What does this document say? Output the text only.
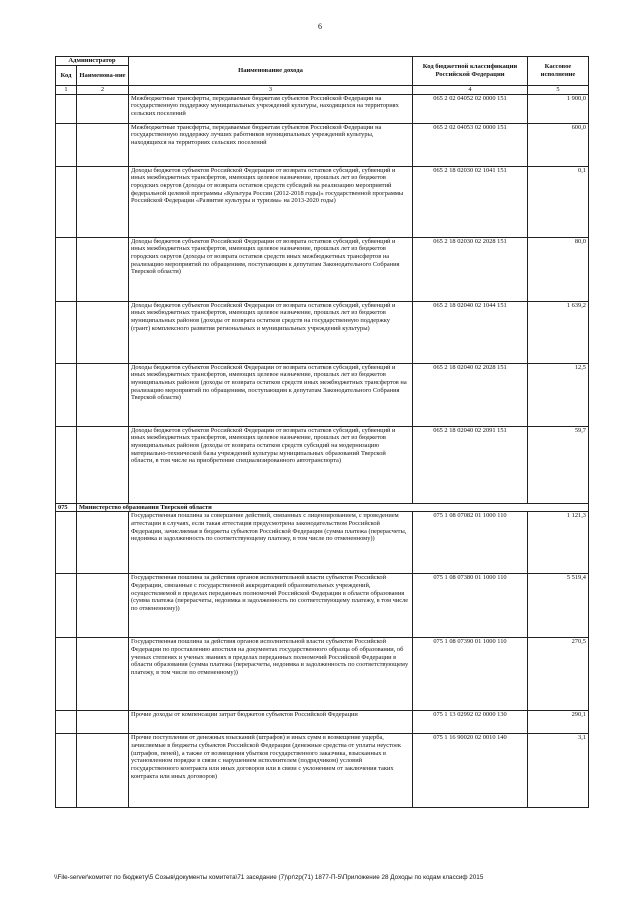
6
Администратор		Наименование дохода	Код бюджетной классификации Российской Федерации	Кассовое исполнение
Код	Наименова-ние			
1	2	3	4	5
		Межбюджетные трансферты, передаваемые бюджетам субъектов Российской Федерации на государственную поддержку муниципальных учреждений культуры, находящихся на территориях сельских поселений	065 2 02 04052 02 0000 151	1 900,0
		Межбюджетные трансферты, передаваемые бюджетам субъектов Российской Федерации на государственную поддержку лучших работников муниципальных учреждений культуры, находящихся на территориях сельских поселений	065 2 02 04053 02 0000 151	600,0
		Доходы бюджетов субъектов Российской Федерации от возврата остатков субсидий, субвенций и иных межбюджетных трансфертов, имеющих целевое назначение, прошлых лет из бюджетов городских округов (доходы от возврата остатков средств субсидий на реализацию мероприятий федеральной целевой программы «Культура России (2012-2018 годы)» государственной программы Российской Федерации «Развитие культуры и туризма» на 2013-2020 годы)	065 2 18 02030 02 1041 151	0,1
		Доходы бюджетов субъектов Российской Федерации от возврата остатков субсидий, субвенций и иных межбюджетных трансфертов, имеющих целевое назначение, прошлых лет из бюджетов городских округов (доходы от возврата остатков средств иных межбюджетных трансфертов на реализацию мероприятий по обращениям, поступающим к депутатам Законодательного Собрания Тверской области)	065 2 18 02030 02 2028 151	80,0
		Доходы бюджетов субъектов Российской Федерации от возврата остатков субсидий, субвенций и иных межбюджетных трансфертов, имеющих целевое назначение, прошлых лет из бюджетов муниципальных районов (доходы от возврата остатков средств на государственную поддержку (грант) комплексного развития региональных и муниципальных учреждений культуры)	065 2 18 02040 02 1044 151	1 639,2
		Доходы бюджетов субъектов Российской Федерации от возврата остатков субсидий, субвенций и иных межбюджетных трансфертов, имеющих целевое назначение, прошлых лет из бюджетов муниципальных районов (доходы от возврата остатков средств иных межбюджетных трансфертов на реализацию мероприятий по обращениям, поступающим к депутатам Законодательного Собрания Тверской области)	065 2 18 02040 02 2028 151	12,5
		Доходы бюджетов субъектов Российской Федерации от возврата остатков субсидий, субвенций и иных межбюджетных трансфертов, имеющих целевое назначение, прошлых лет из бюджетов муниципальных районов (доходы от возврата остатков средств субсидий на модернизацию материально-технической базы учреждений культуры муниципальных образований Тверской области, в том числе на приобретение специализированного автотранспорта)	065 2 18 02040 02 2091 151	59,7
075	Министерство образования Тверской области			
		Государственная пошлина за совершение действий, связанных с лицензированием, с проведением аттестации в случаях, если такая аттестация предусмотрена законодательством Российской Федерации, зачисляемая в бюджеты субъектов Российской Федерации (сумма платежа (перерасчеты, недоимка и задолженность по соответствующему платежу, в том числе по отмененному))	075 1 08 07082 01 1000 110	1 121,3
		Государственная пошлина за действия органов исполнительной власти субъектов Российской Федерации, связанные с государственной аккредитацией образовательных учреждений, осуществляемой в пределах переданных полномочий Российской Федерации в области образования (сумма платежа (перерасчеты, недоимка и задолженность по соответствующему платежу, в том числе по отмененному))	075 1 08 07380 01 1000 110	5 519,4
		Государственная пошлина за действия органов исполнительной власти субъектов Российской Федерации по проставлению апостиля на документах государственного образца об образовании, об ученых степенях и ученых званиях в пределах переданных полномочий Российской Федерации в области образования (сумма платежа (перерасчеты, недоимка и задолженность по соответствующему платежу, в том числе по отмененному))	075 1 08 07390 01 1000 110	270,5
		Прочие доходы от компенсации затрат бюджетов субъектов Российской Федерации	075 1 13 02992 02 0000 130	290,1
		Прочие поступления от денежных взысканий (штрафов) и иных сумм в возмещение ущерба, зачисляемые в бюджеты субъектов Российской Федерации (денежные средства от уплаты неустоек (штрафов, пеней), а также от возмещения убытков государственного заказчика, взысканных в установленном порядке в связи с нарушением исполнителем (подрядчиком) условий государственного контракта или иных договоров или в связи с уклонением от заключения таких контракта или иных договоров)	075 1 16 90020 02 0010 140	3,1
\\File-server\комитет по бюджету\5 Созыв\документы комитета\71 заседание (7)\pr\zp(71) 1877-П-5\Приложение 28 Доходы по кодам классиф 2015
